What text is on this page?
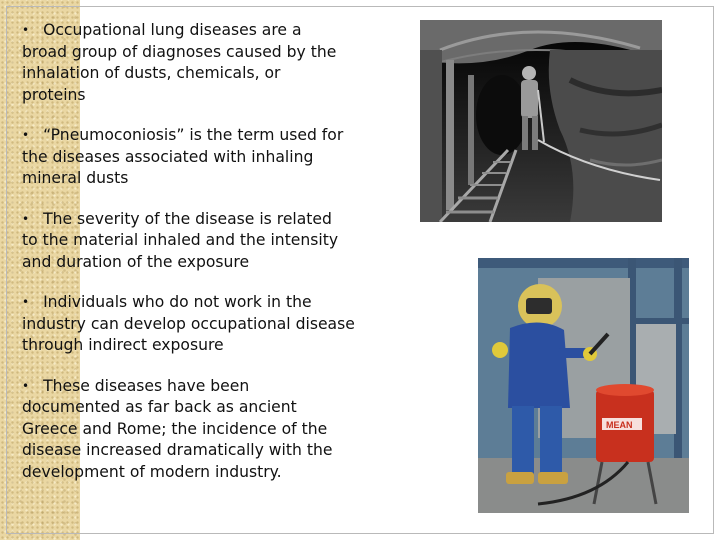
• Occupational lung diseases are a
broad group of diagnoses caused by the
inhalation of dusts, chemicals, or
proteins
• “Pneumoconiosis” is the term used for
the diseases associated with inhaling
mineral dusts
• The severity of the disease is related
to the material inhaled and the intensity
and duration of the exposure
• Individuals who do not work in the
industry can develop occupational disease
through indirect exposure
• These diseases have been
documented as far back as ancient
Greece and Rome; the incidence of the
disease increased dramatically with the
development of modern industry.
MEAN
